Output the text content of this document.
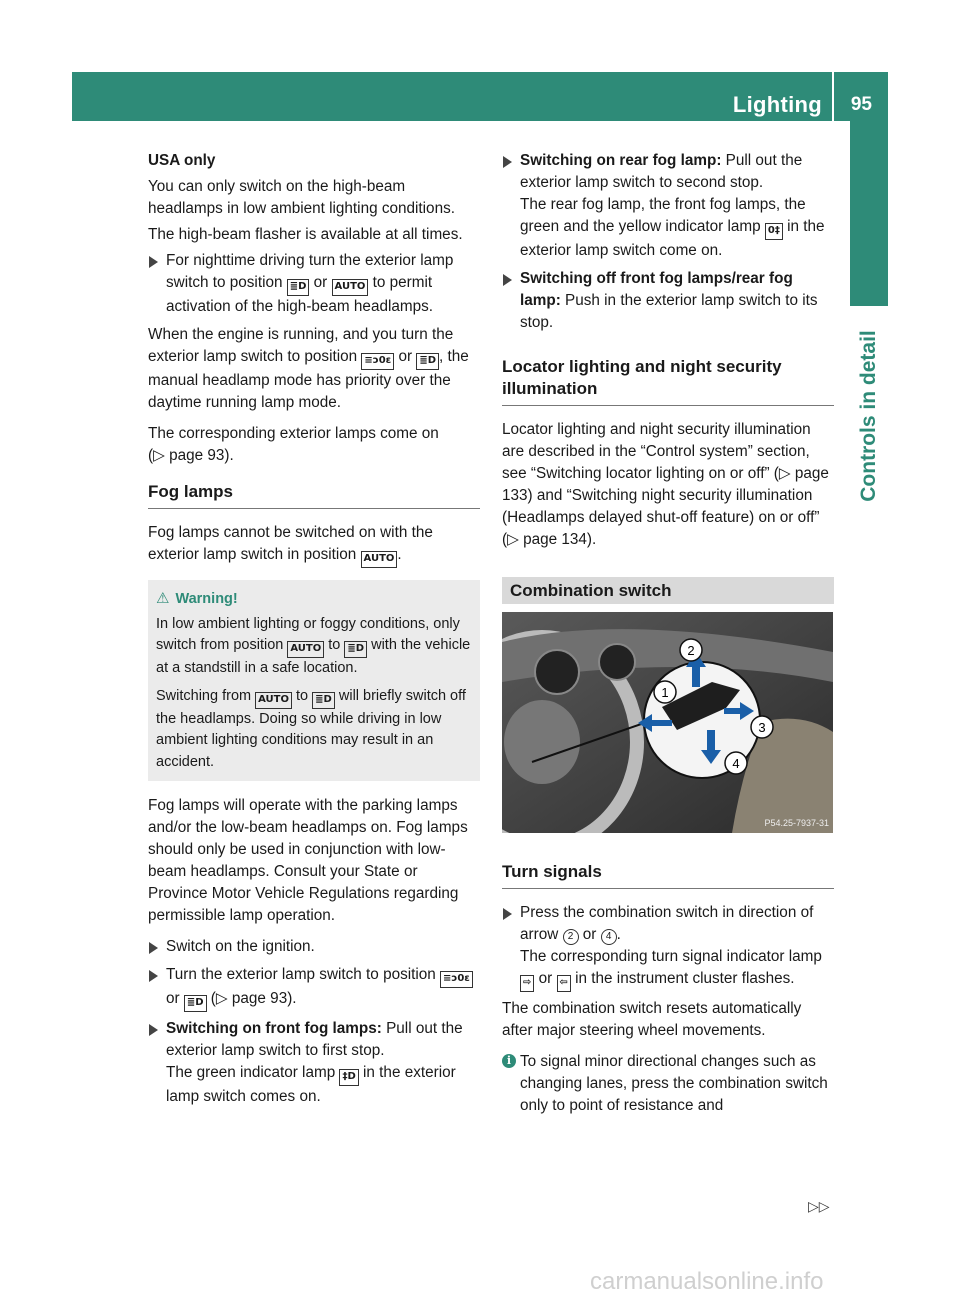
Lighting 95
Controls in detail

USA only

You can only switch on the high-beam headlamps in low ambient lighting conditions.

The high-beam flasher is available at all times.

For nighttime driving turn the exterior lamp switch to position ≣D or AUTO to permit activation of the high-beam headlamps.

When the engine is running, and you turn the exterior lamp switch to position ≡ɔ0ɛ or ≣D , the manual headlamp mode has priority over the daytime running lamp mode.

The corresponding exterior lamps come on
(▷ page 93).

Fog lamps

Fog lamps cannot be switched on with the exterior lamp switch in position AUTO .

⚠ Warning!

In low ambient lighting or foggy conditions, only switch from position AUTO to ≣D with the vehicle at a standstill in a safe location.

Switching from AUTO to ≣D will briefly switch off the headlamps. Doing so while driving in low ambient lighting conditions may result in an accident.

Fog lamps will operate with the parking lamps and/or the low-beam headlamps on. Fog lamps should only be used in conjunction with low-beam headlamps. Consult your State or Province Motor Vehicle Regulations regarding permissible lamp operation.

Switch on the ignition.
Turn the exterior lamp switch to position ≡ɔ0ɛ or ≣D (▷ page 93).
Switching on front fog lamps: Pull out the exterior lamp switch to first stop.
The green indicator lamp ‡D in the exterior lamp switch comes on.
Switching on rear fog lamp: Pull out the exterior lamp switch to second stop.
The rear fog lamp, the front fog lamps, the green and the yellow indicator lamp 0‡ in the exterior lamp switch come on.
Switching off front fog lamps/rear fog lamp: Push in the exterior lamp switch to its stop.
Locator lighting and night security illumination

Locator lighting and night security illumination are described in the “Control system” section, see “Switching locator lighting on or off” (▷ page 133) and “Switching night security illumination (Headlamps delayed shut-off feature) on or off” (▷ page 134).

Combination switch
1
2
3
4
P54.25-7937-31
Turn signals
Press the combination switch in direction of arrow 2 or 4 .
The corresponding turn signal indicator lamp ⇨ or ⇦ in the instrument cluster flashes.

The combination switch resets automatically after major steering wheel movements.

i To signal minor directional changes such as changing lanes, press the combination switch only to point of resistance and
▷▷
carmanualsonline.info
